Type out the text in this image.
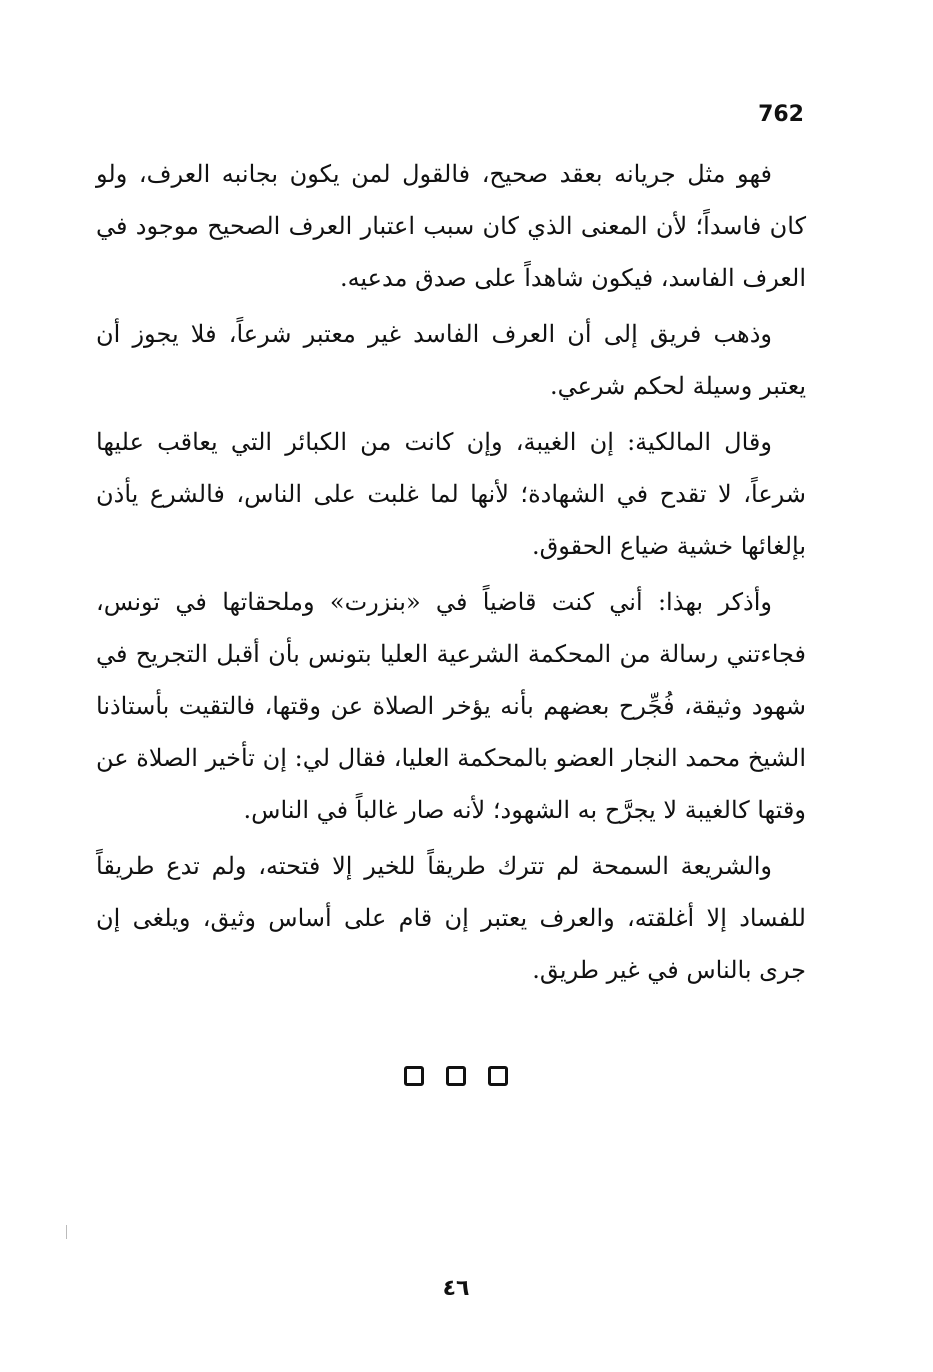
762

فهو مثل جريانه بعقد صحيح، فالقول لمن يكون بجانبه العرف، ولو كان فاسداً؛ لأن المعنى الذي كان سبب اعتبار العرف الصحيح موجود في العرف الفاسد، فيكون شاهداً على صدق مدعيه.

وذهب فريق إلى أن العرف الفاسد غير معتبر شرعاً، فلا يجوز أن يعتبر وسيلة لحكم شرعي.

وقال المالكية: إن الغيبة، وإن كانت من الكبائر التي يعاقب عليها شرعاً، لا تقدح في الشهادة؛ لأنها لما غلبت على الناس، فالشرع يأذن بإلغائها خشية ضياع الحقوق.

وأذكر بهذا: أني كنت قاضياً في «بنزرت» وملحقاتها في تونس، فجاءتني رسالة من المحكمة الشرعية العليا بتونس بأن أقبل التجريح في شهود وثيقة، فُجِّرح بعضهم بأنه يؤخر الصلاة عن وقتها، فالتقيت بأستاذنا الشيخ محمد النجار العضو بالمحكمة العليا، فقال لي: إن تأخير الصلاة عن وقتها كالغيبة لا يجرَّح به الشهود؛ لأنه صار غالباً في الناس.

والشريعة السمحة لم تترك طريقاً للخير إلا فتحته، ولم تدع طريقاً للفساد إلا أغلقته، والعرف يعتبر إن قام على أساس وثيق، ويلغى إن جرى بالناس في غير طريق.

٤٦
